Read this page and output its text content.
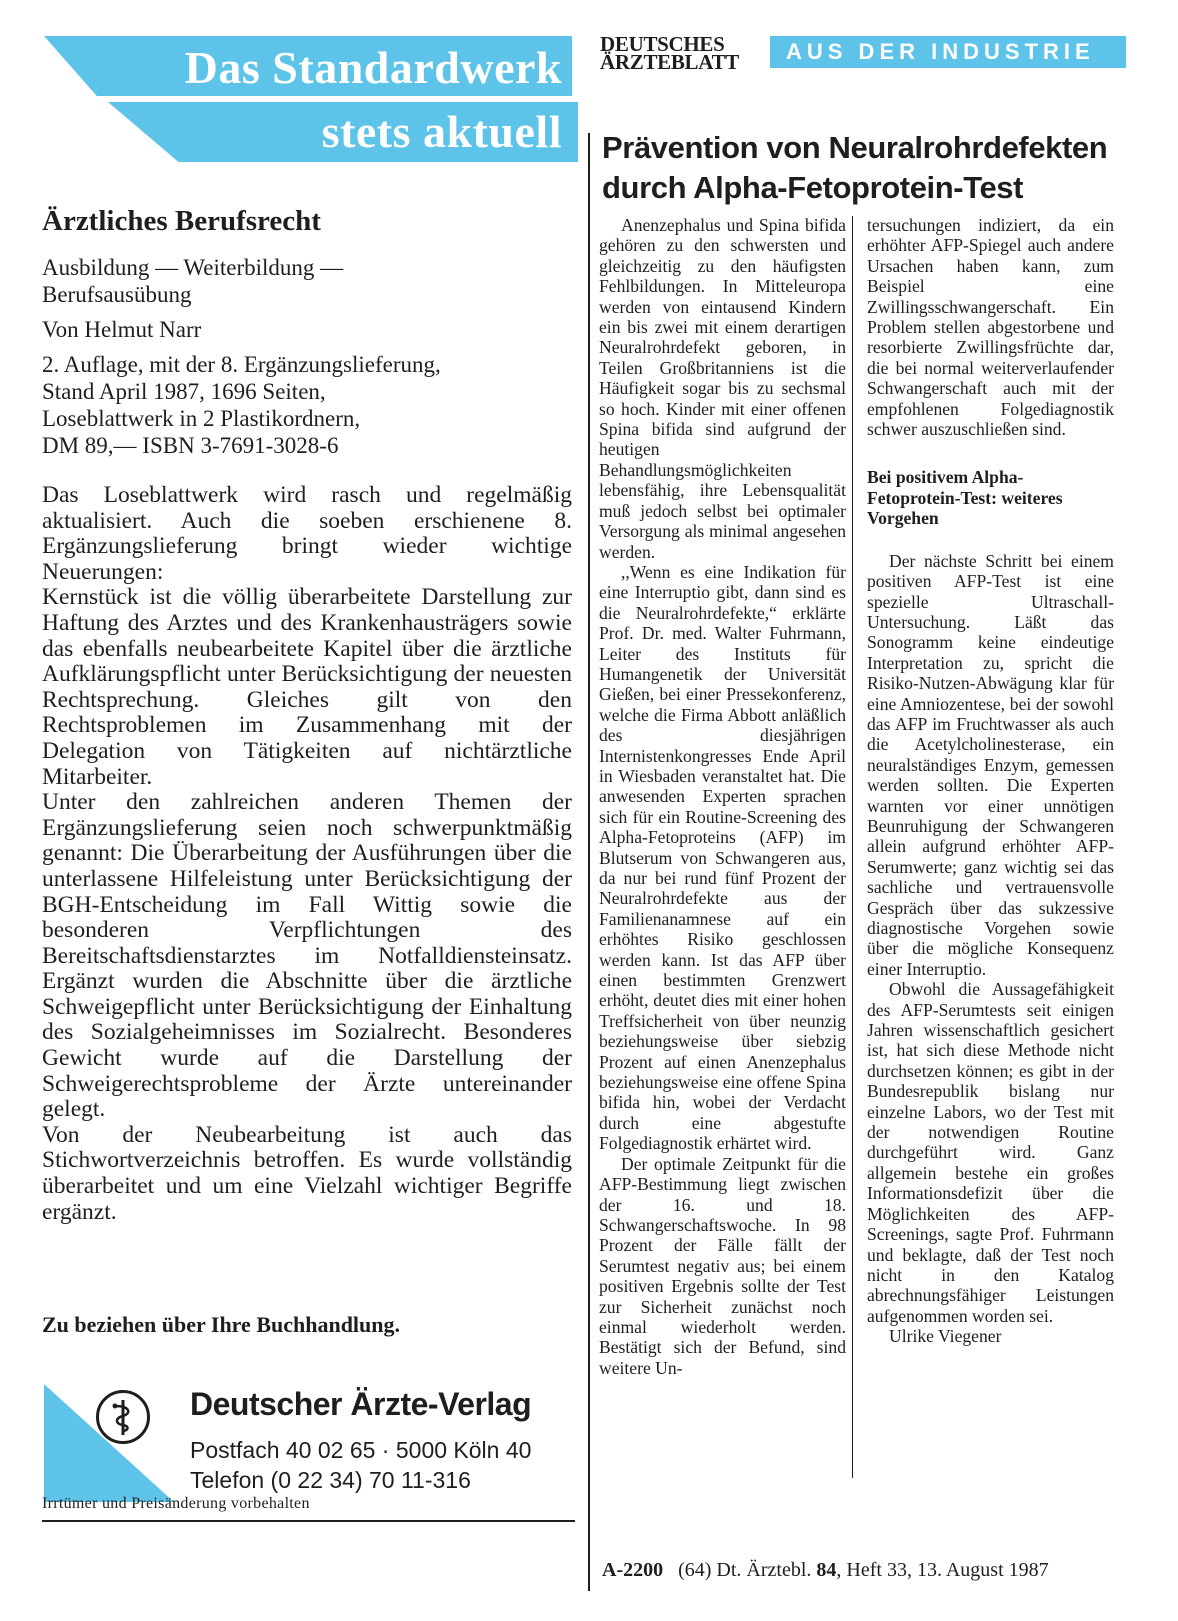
Das Standardwerk
stets aktuell
Ärztliches Berufsrecht
Ausbildung — Weiterbildung —
Berufsausübung
Von Helmut Narr
2. Auflage, mit der 8. Ergänzungslieferung,
Stand April 1987, 1696 Seiten,
Loseblattwerk in 2 Plastikordnern,
DM 89,— ISBN 3-7691-3028-6

Das Loseblattwerk wird rasch und regelmäßig aktualisiert. Auch die soeben erschienene 8. Ergänzungslieferung bringt wieder wichtige Neuerungen:

Kernstück ist die völlig überarbeitete Darstellung zur Haftung des Arztes und des Krankenhausträgers sowie das ebenfalls neubearbeitete Kapitel über die ärztliche Aufklärungspflicht unter Berücksichtigung der neuesten Rechtsprechung. Gleiches gilt von den Rechtsproblemen im Zusammenhang mit der Delegation von Tätigkeiten auf nichtärztliche Mitarbeiter.

Unter den zahlreichen anderen Themen der Ergänzungslieferung seien noch schwerpunktmäßig genannt: Die Überarbeitung der Ausführungen über die unterlassene Hilfeleistung unter Berücksichtigung der BGH-Entscheidung im Fall Wittig sowie die besonderen Verpflichtungen des Bereitschaftsdienstarztes im Notfalldiensteinsatz. Ergänzt wurden die Abschnitte über die ärztliche Schweigepflicht unter Berücksichtigung der Einhaltung des Sozialgeheimnisses im Sozialrecht. Besonderes Gewicht wurde auf die Darstellung der Schweigerechtsprobleme der Ärzte untereinander gelegt.

Von der Neubearbeitung ist auch das Stichwortverzeichnis betroffen. Es wurde vollständig überarbeitet und um eine Vielzahl wichtiger Begriffe ergänzt.

Zu beziehen über Ihre Buchhandlung.
Deutscher Ärzte-Verlag
Postfach 40 02 65 · 5000 Köln 40
Telefon (0 22 34) 70 11-316
Irrtümer und Preisänderung vorbehalten
DEUTSCHES
ÄRZTEBLATT	AUS DER INDUSTRIE
Prävention von Neuralrohrdefekten
durch Alpha-Fetoprotein-Test

Anenzephalus und Spina bifida gehören zu den schwersten und gleichzeitig zu den häufigsten Fehlbildungen. In Mitteleuropa werden von eintausend Kindern ein bis zwei mit einem derartigen Neuralrohrdefekt geboren, in Teilen Großbritanniens ist die Häufigkeit sogar bis zu sechsmal so hoch. Kinder mit einer offenen Spina bifida sind aufgrund der heutigen Behandlungsmöglichkeiten lebensfähig, ihre Lebensqualität muß jedoch selbst bei optimaler Versorgung als minimal angesehen werden.

,,Wenn es eine Indikation für eine Interruptio gibt, dann sind es die Neuralrohrdefekte,“ erklärte Prof. Dr. med. Walter Fuhrmann, Leiter des Instituts für Humangenetik der Universität Gießen, bei einer Pressekonferenz, welche die Firma Abbott anläßlich des diesjährigen Internistenkongresses Ende April in Wiesbaden veranstaltet hat. Die anwesenden Experten sprachen sich für ein Routine-Screening des Alpha-Fetoproteins (AFP) im Blutserum von Schwangeren aus, da nur bei rund fünf Prozent der Neuralrohrdefekte aus der Familienanamnese auf ein erhöhtes Risiko geschlossen werden kann. Ist das AFP über einen bestimmten Grenzwert erhöht, deutet dies mit einer hohen Treffsicherheit von über neunzig beziehungsweise über siebzig Prozent auf einen Anenzephalus beziehungsweise eine offene Spina bifida hin, wobei der Verdacht durch eine abgestufte Folgediagnostik erhärtet wird.

Der optimale Zeitpunkt für die AFP-Bestimmung liegt zwischen der 16. und 18. Schwangerschaftswoche. In 98 Prozent der Fälle fällt der Serumtest negativ aus; bei einem positiven Ergebnis sollte der Test zur Sicherheit zunächst noch einmal wiederholt werden. Bestätigt sich der Befund, sind weitere Un-

tersuchungen indiziert, da ein erhöhter AFP-Spiegel auch andere Ursachen haben kann, zum Beispiel eine Zwillingsschwangerschaft. Ein Problem stellen abgestorbene und resorbierte Zwillingsfrüchte dar, die bei normal weiterverlaufender Schwangerschaft auch mit der empfohlenen Folgediagnostik schwer auszuschließen sind.

Bei positivem Alpha-Fetoprotein-Test: weiteres Vorgehen

Der nächste Schritt bei einem positiven AFP-Test ist eine spezielle Ultraschall-Untersuchung. Läßt das Sonogramm keine eindeutige Interpretation zu, spricht die Risiko-Nutzen-Abwägung klar für eine Amniozentese, bei der sowohl das AFP im Fruchtwasser als auch die Acetylcholinesterase, ein neuralständiges Enzym, gemessen werden sollten. Die Experten warnten vor einer unnötigen Beunruhigung der Schwangeren allein aufgrund erhöhter AFP-Serumwerte; ganz wichtig sei das sachliche und vertrauensvolle Gespräch über das sukzessive diagnostische Vorgehen sowie über die mögliche Konsequenz einer Interruptio.

Obwohl die Aussagefähigkeit des AFP-Serumtests seit einigen Jahren wissenschaftlich gesichert ist, hat sich diese Methode nicht durchsetzen können; es gibt in der Bundesrepublik bislang nur einzelne Labors, wo der Test mit der notwendigen Routine durchgeführt wird. Ganz allgemein bestehe ein großes Informationsdefizit über die Möglichkeiten des AFP-Screenings, sagte Prof. Fuhrmann und beklagte, daß der Test noch nicht in den Katalog abrechnungsfähiger Leistungen aufgenommen worden sei.

Ulrike Viegener

A-2200 (64) Dt. Ärztebl. 84, Heft 33, 13. August 1987
